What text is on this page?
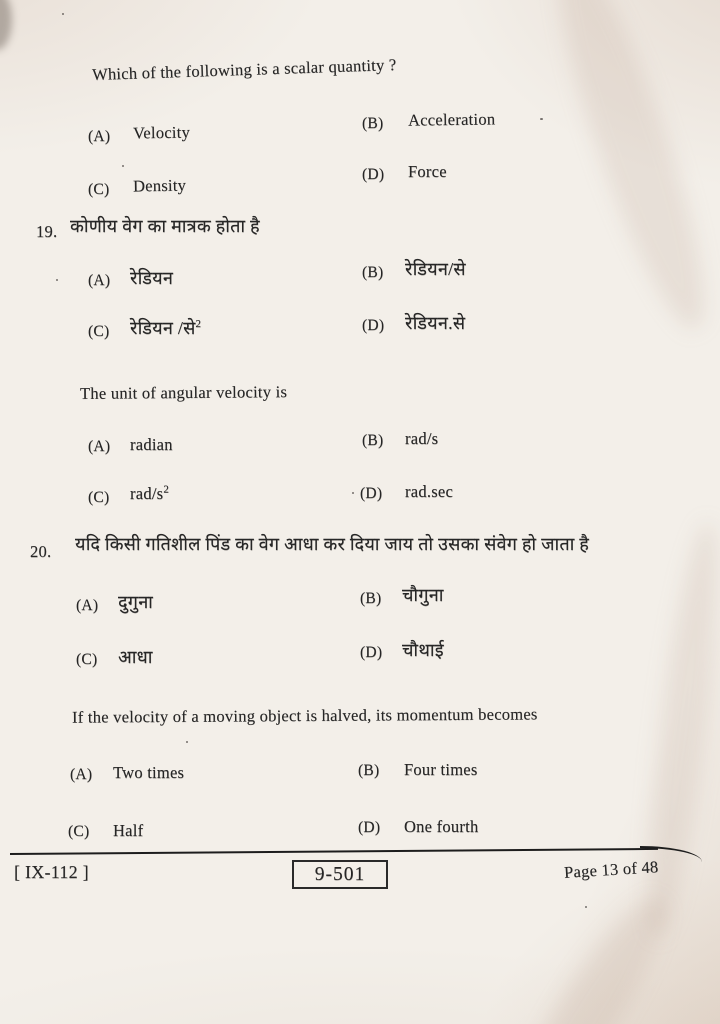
Which of the following is a scalar quantity ?
(A) Velocity	(B) Acceleration
(C) Density
(D) Force
19. कोणीय वेग का मात्रक होता है
(A) रेडियन	(B) रेडियन/से
(C) रेडियन /से$^2$	(D) रेडियन.से
The unit of angular velocity is
(A) radian	(B) rad/s
(C) rad/$s^2$	(D) rad.sec
20. यदि किसी गतिशील पिंड का वेग आधा कर दिया जाय तो उसका संवेग हो जाता है
(A) दुगुना	(B) चौगुना
(C) आधा	(D) चौथाई
If the velocity of a moving object is halved, its momentum becomes
(A) Two times	(B) Four times
(C) Half	(D) One fourth
[ IX-112 ]	9-501	Page 13 of 48
